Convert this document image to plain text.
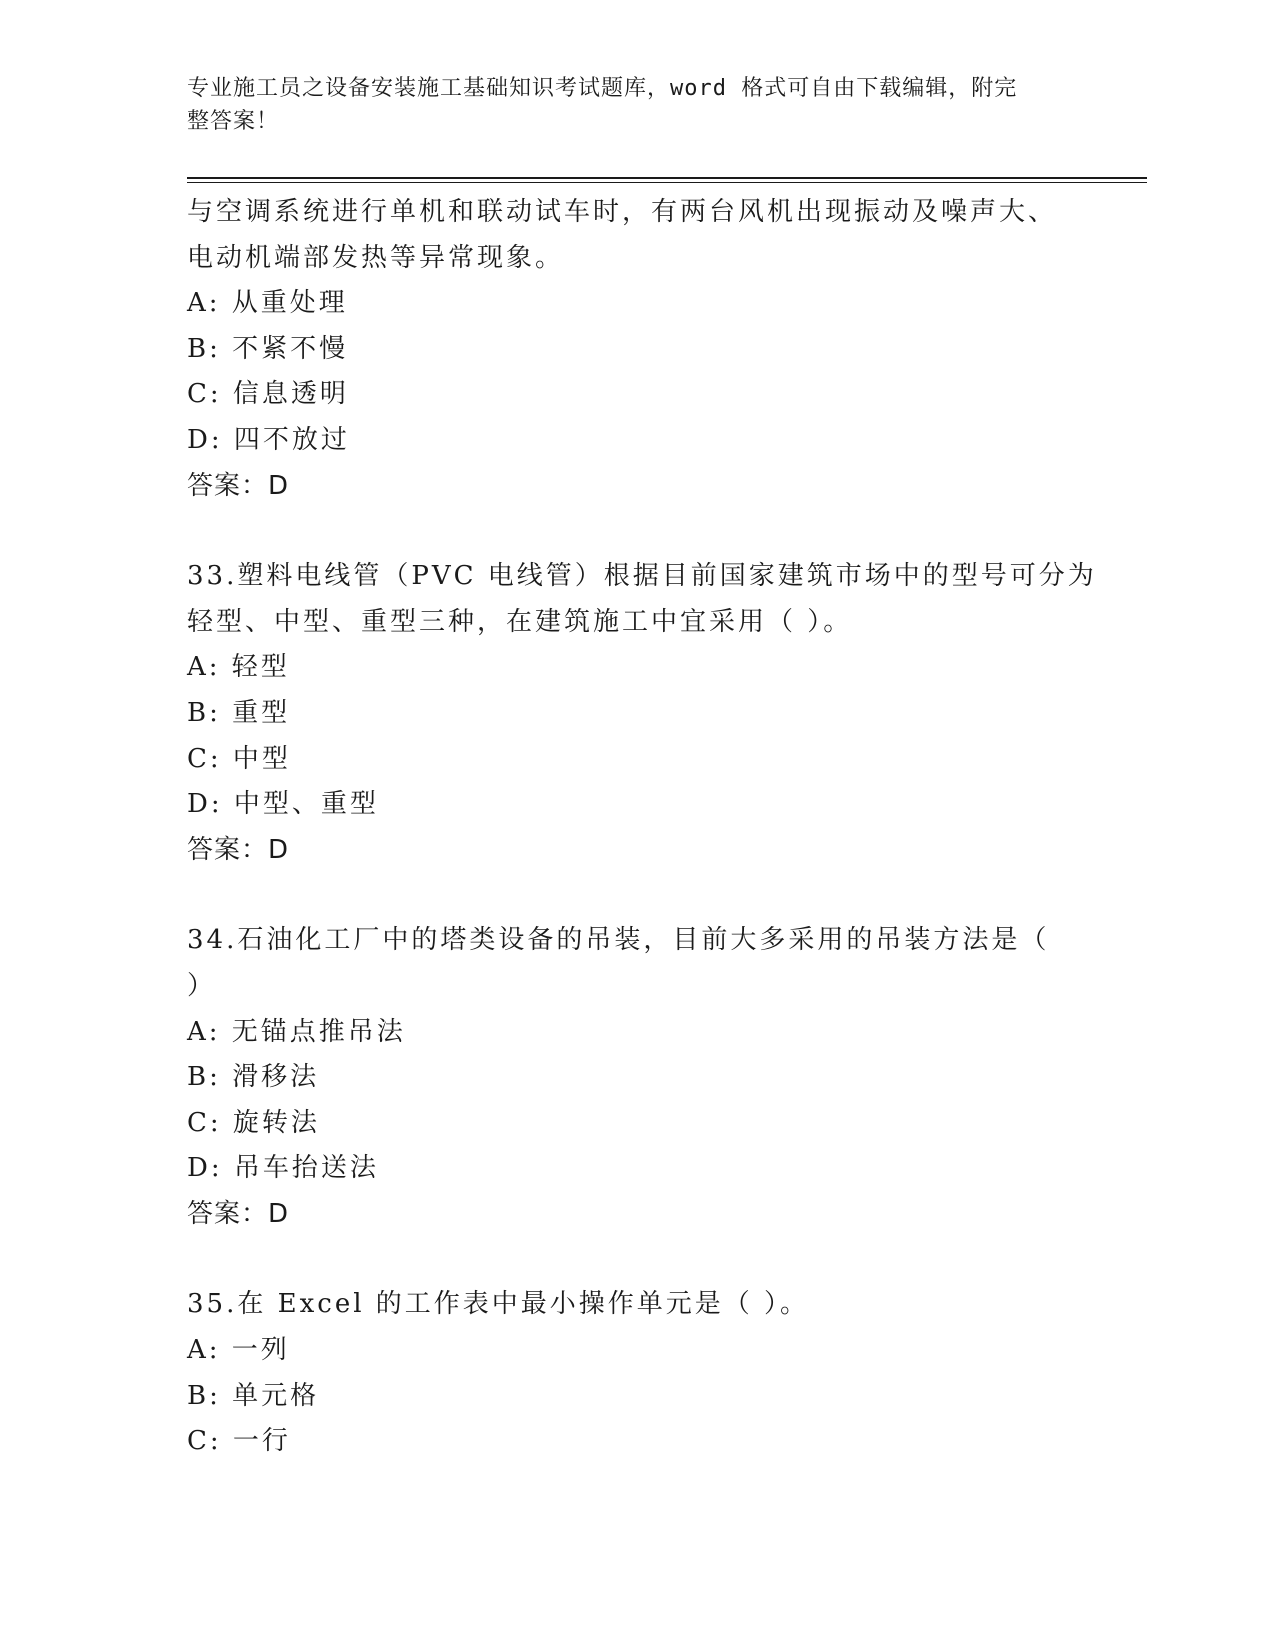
专业施工员之设备安装施工基础知识考试题库，word 格式可自由下载编辑，附完
整答案！
与空调系统进行单机和联动试车时，有两台风机出现振动及噪声大、
电动机端部发热等异常现象。
A: 从重处理
B: 不紧不慢
C: 信息透明
D: 四不放过
答案：D
33.塑料电线管（PVC 电线管）根据目前国家建筑市场中的型号可分为
轻型、中型、重型三种，在建筑施工中宜采用（ ）。
A: 轻型
B: 重型
C: 中型
D: 中型、重型
答案：D
34.石油化工厂中的塔类设备的吊装，目前大多采用的吊装方法是（
）
A: 无锚点推吊法
B: 滑移法
C: 旋转法
D: 吊车抬送法
答案：D
35.在 Excel 的工作表中最小操作单元是（ ）。
A: 一列
B: 单元格
C: 一行
